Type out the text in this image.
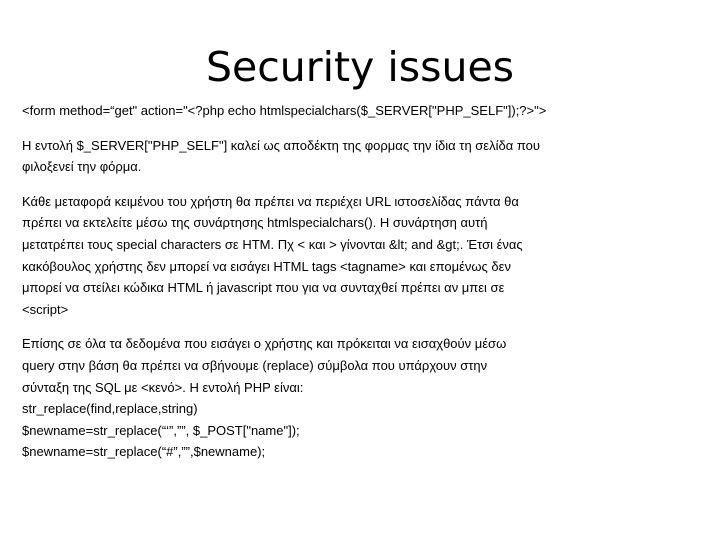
Security issues

<form method=“get" action="<?php echo htmlspecialchars($_SERVER["PHP_SELF"]);?>">

Η εντολή $_SERVER["PHP_SELF"] καλεί ως αποδέκτη της φορμας την ίδια τη σελίδα που
φιλοξενεί την φόρμα.

Κάθε μεταφορά κειμένου του χρήστη θα πρέπει να περιέχει URL ιστοσελίδας πάντα θα
πρέπει να εκτελείτε μέσω της συνάρτησης htmlspecialchars(). Η συνάρτηση αυτή
μετατρέπει τους special characters σε HTM. Πχ < και > γίνονται &lt; and &gt;. Έτσι ένας
κακόβουλος χρήστης δεν μπορεί να εισάγει HTML tags <tagname> και επομένως δεν
μπορεί να στείλει κώδικα HTML ή javascript που για να συνταχθεί πρέπει αν μπει σε
<script>

Επίσης σε όλα τα δεδομένα που εισάγει ο χρήστης και πρόκειται να εισαχθούν μέσω
query στην βάση θα πρέπει να σβήνουμε (replace) σύμβολα που υπάρχουν στην
σύνταξη της SQL με <κενό>. Η εντολή PHP είναι:
str_replace(find,replace,string)
$newname=str_replace(“‘”,””, $_POST["name"]);
$newname=str_replace(“#”,””,$newname);
